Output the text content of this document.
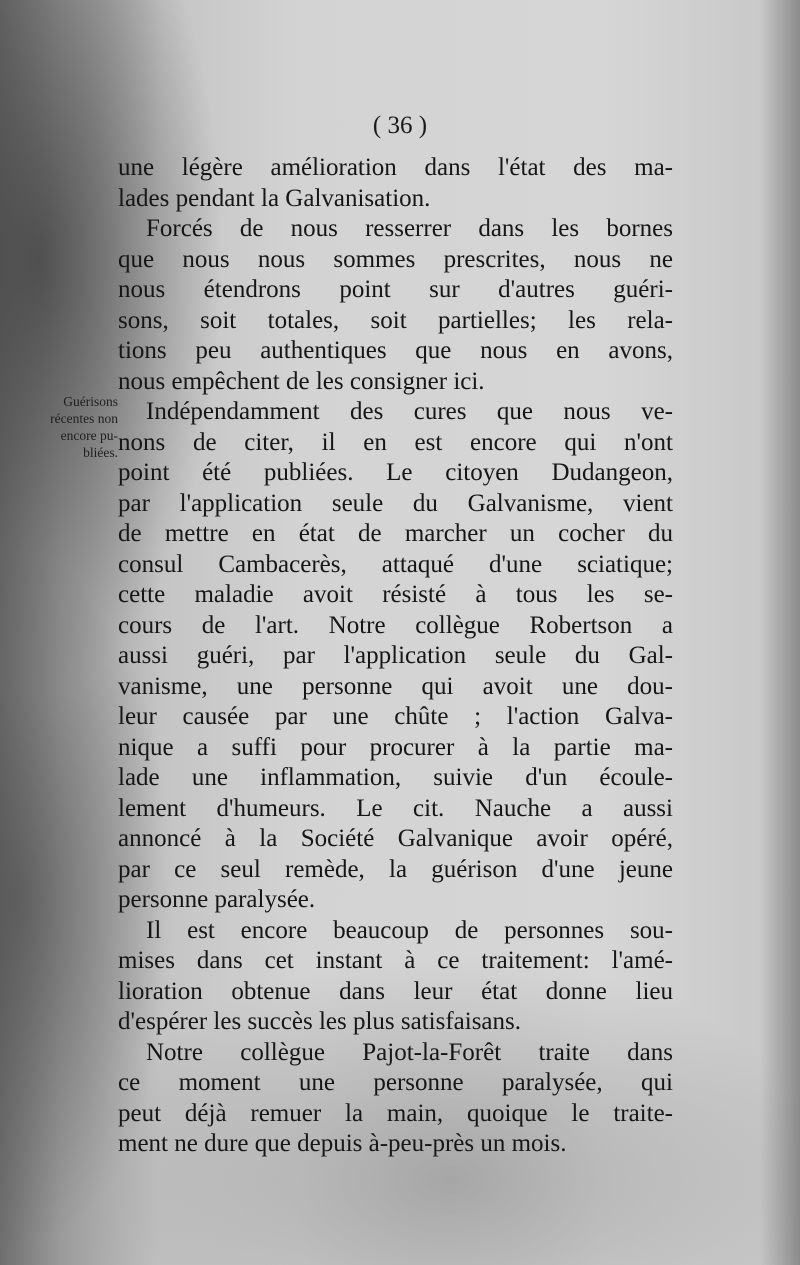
( 36 )
Guérisons
récentes non
encore pu-
bliées.
une légère amélioration dans l'état des ma-
lades pendant la Galvanisation.
Forcés de nous resserrer dans les bornes
que nous nous sommes prescrites, nous ne
nous étendrons point sur d'autres guéri-
sons, soit totales, soit partielles; les rela-
tions peu authentiques que nous en avons,
nous empêchent de les consigner ici.
Indépendamment des cures que nous ve-
nons de citer, il en est encore qui n'ont
point été publiées. Le citoyen Dudangeon,
par l'application seule du Galvanisme, vient
de mettre en état de marcher un cocher du
consul Cambacerès, attaqué d'une sciatique;
cette maladie avoit résisté à tous les se-
cours de l'art. Notre collègue Robertson a
aussi guéri, par l'application seule du Gal-
vanisme, une personne qui avoit une dou-
leur causée par une chûte ; l'action Galva-
nique a suffi pour procurer à la partie ma-
lade une inflammation, suivie d'un écoule-
lement d'humeurs. Le cit. Nauche a aussi
annoncé à la Société Galvanique avoir opéré,
par ce seul remède, la guérison d'une jeune
personne paralysée.
Il est encore beaucoup de personnes sou-
mises dans cet instant à ce traitement: l'amé-
lioration obtenue dans leur état donne lieu
d'espérer les succès les plus satisfaisans.
Notre collègue Pajot-la-Forêt traite dans
ce moment une personne paralysée, qui
peut déjà remuer la main, quoique le traite-
ment ne dure que depuis à-peu-près un mois.
